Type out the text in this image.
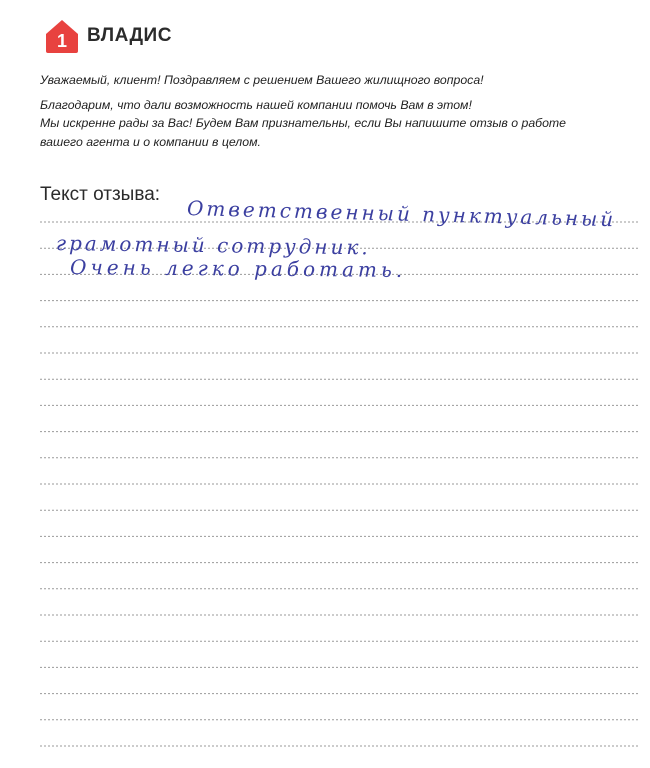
1 ВЛАДИС

Уважаемый, клиент! Поздравляем с решением Вашего жилищного вопроса!

Благодарим, что дали возможность нашей компании помочь Вам в этом!

Мы искренне рады за Вас! Будем Вам признательны, если Вы напишите отзыв о работе

вашего агента и о компании в целом.

Текст отзыва:
Ответственный пунктуальный
грамотный сотрудник.
Очень легко работать.
